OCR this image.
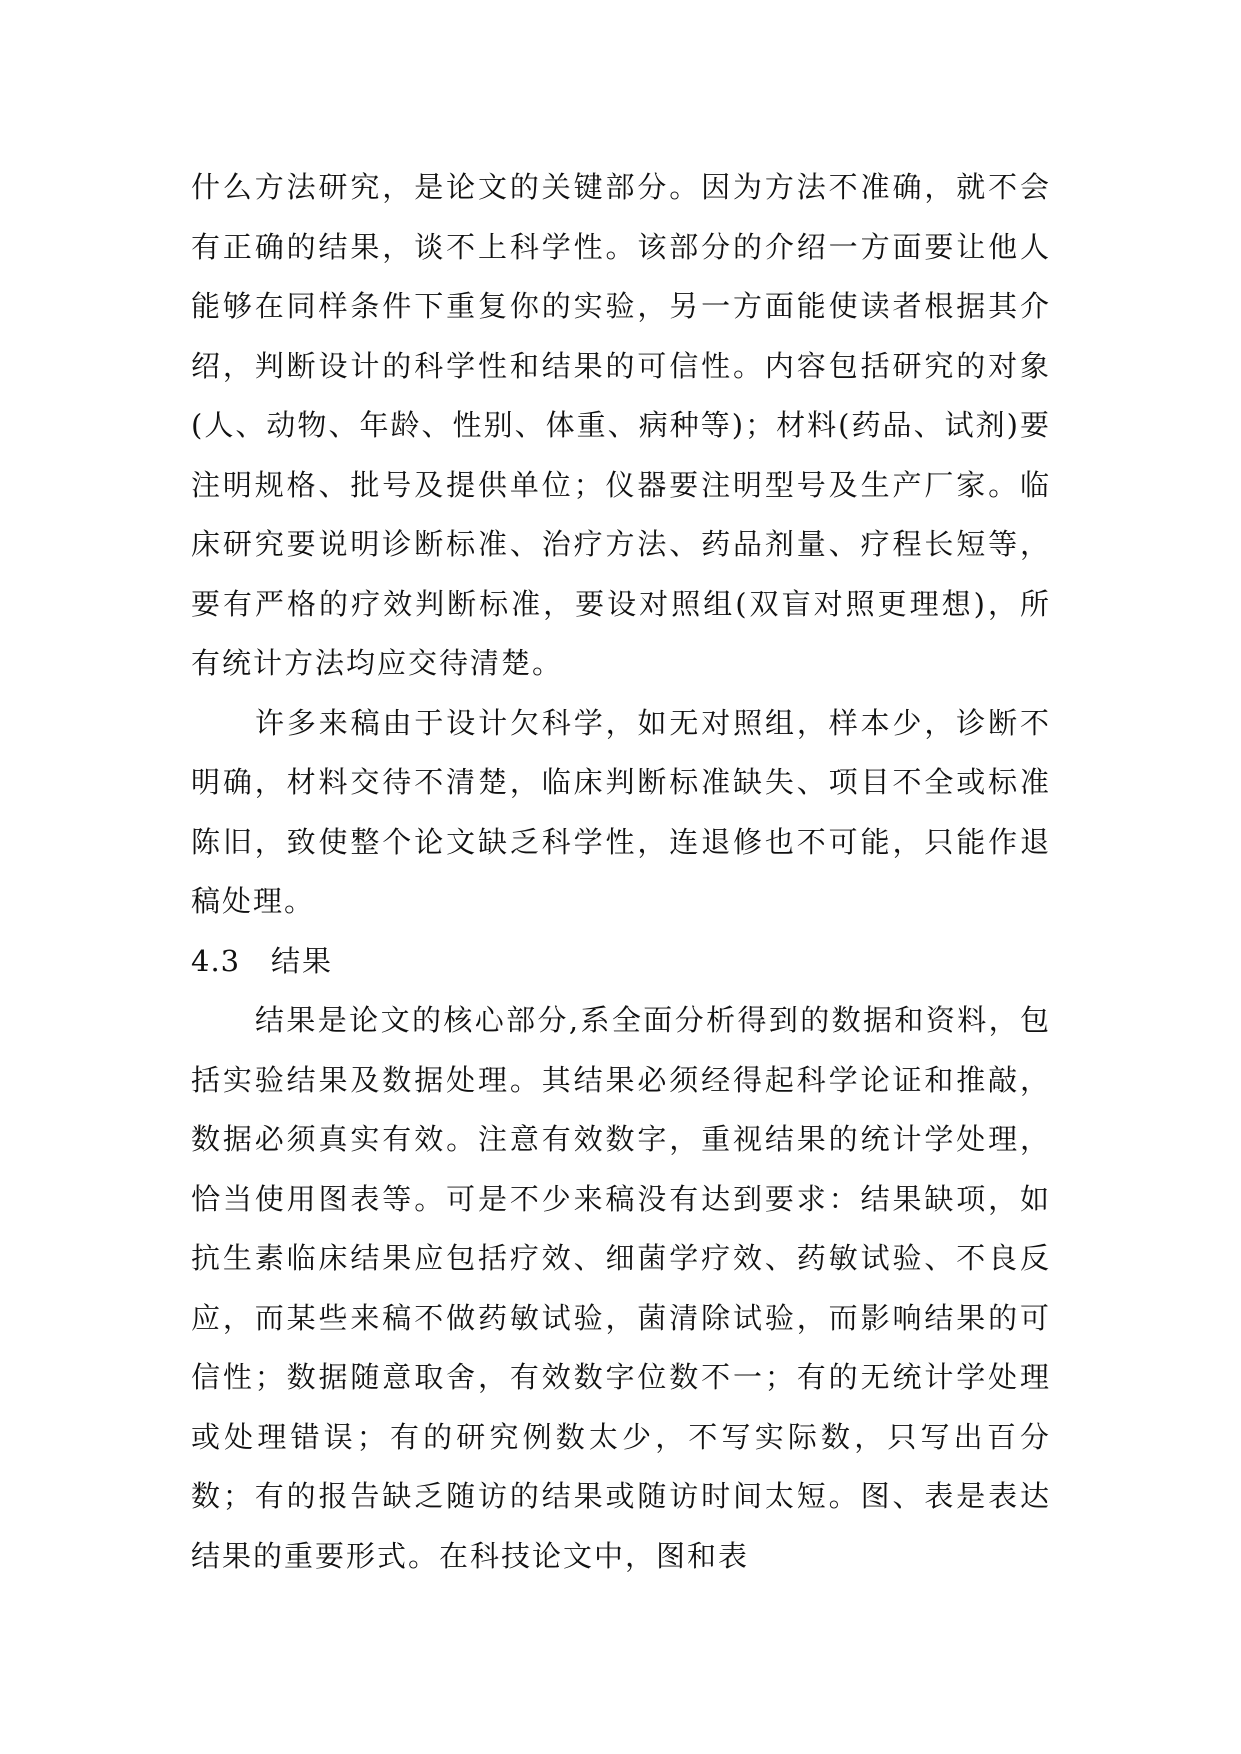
什么方法研究，是论文的关键部分。因为方法不准确，就不会有正确的结果，谈不上科学性。该部分的介绍一方面要让他人能够在同样条件下重复你的实验，另一方面能使读者根据其介绍，判断设计的科学性和结果的可信性。内容包括研究的对象(人、动物、年龄、性别、体重、病种等)；材料(药品、试剂)要注明规格、批号及提供单位；仪器要注明型号及生产厂家。临床研究要说明诊断标准、治疗方法、药品剂量、疗程长短等，要有严格的疗效判断标准，要设对照组(双盲对照更理想)，所有统计方法均应交待清楚。

许多来稿由于设计欠科学，如无对照组，样本少，诊断不明确，材料交待不清楚，临床判断标准缺失、项目不全或标准陈旧，致使整个论文缺乏科学性，连退修也不可能，只能作退稿处理。

4.3 结果

结果是论文的核心部分,系全面分析得到的数据和资料，包括实验结果及数据处理。其结果必须经得起科学论证和推敲，数据必须真实有效。注意有效数字，重视结果的统计学处理，恰当使用图表等。可是不少来稿没有达到要求：结果缺项，如抗生素临床结果应包括疗效、细菌学疗效、药敏试验、不良反应，而某些来稿不做药敏试验，菌清除试验，而影响结果的可信性；数据随意取舍，有效数字位数不一；有的无统计学处理或处理错误；有的研究例数太少，不写实际数，只写出百分数；有的报告缺乏随访的结果或随访时间太短。图、表是表达结果的重要形式。在科技论文中，图和表
